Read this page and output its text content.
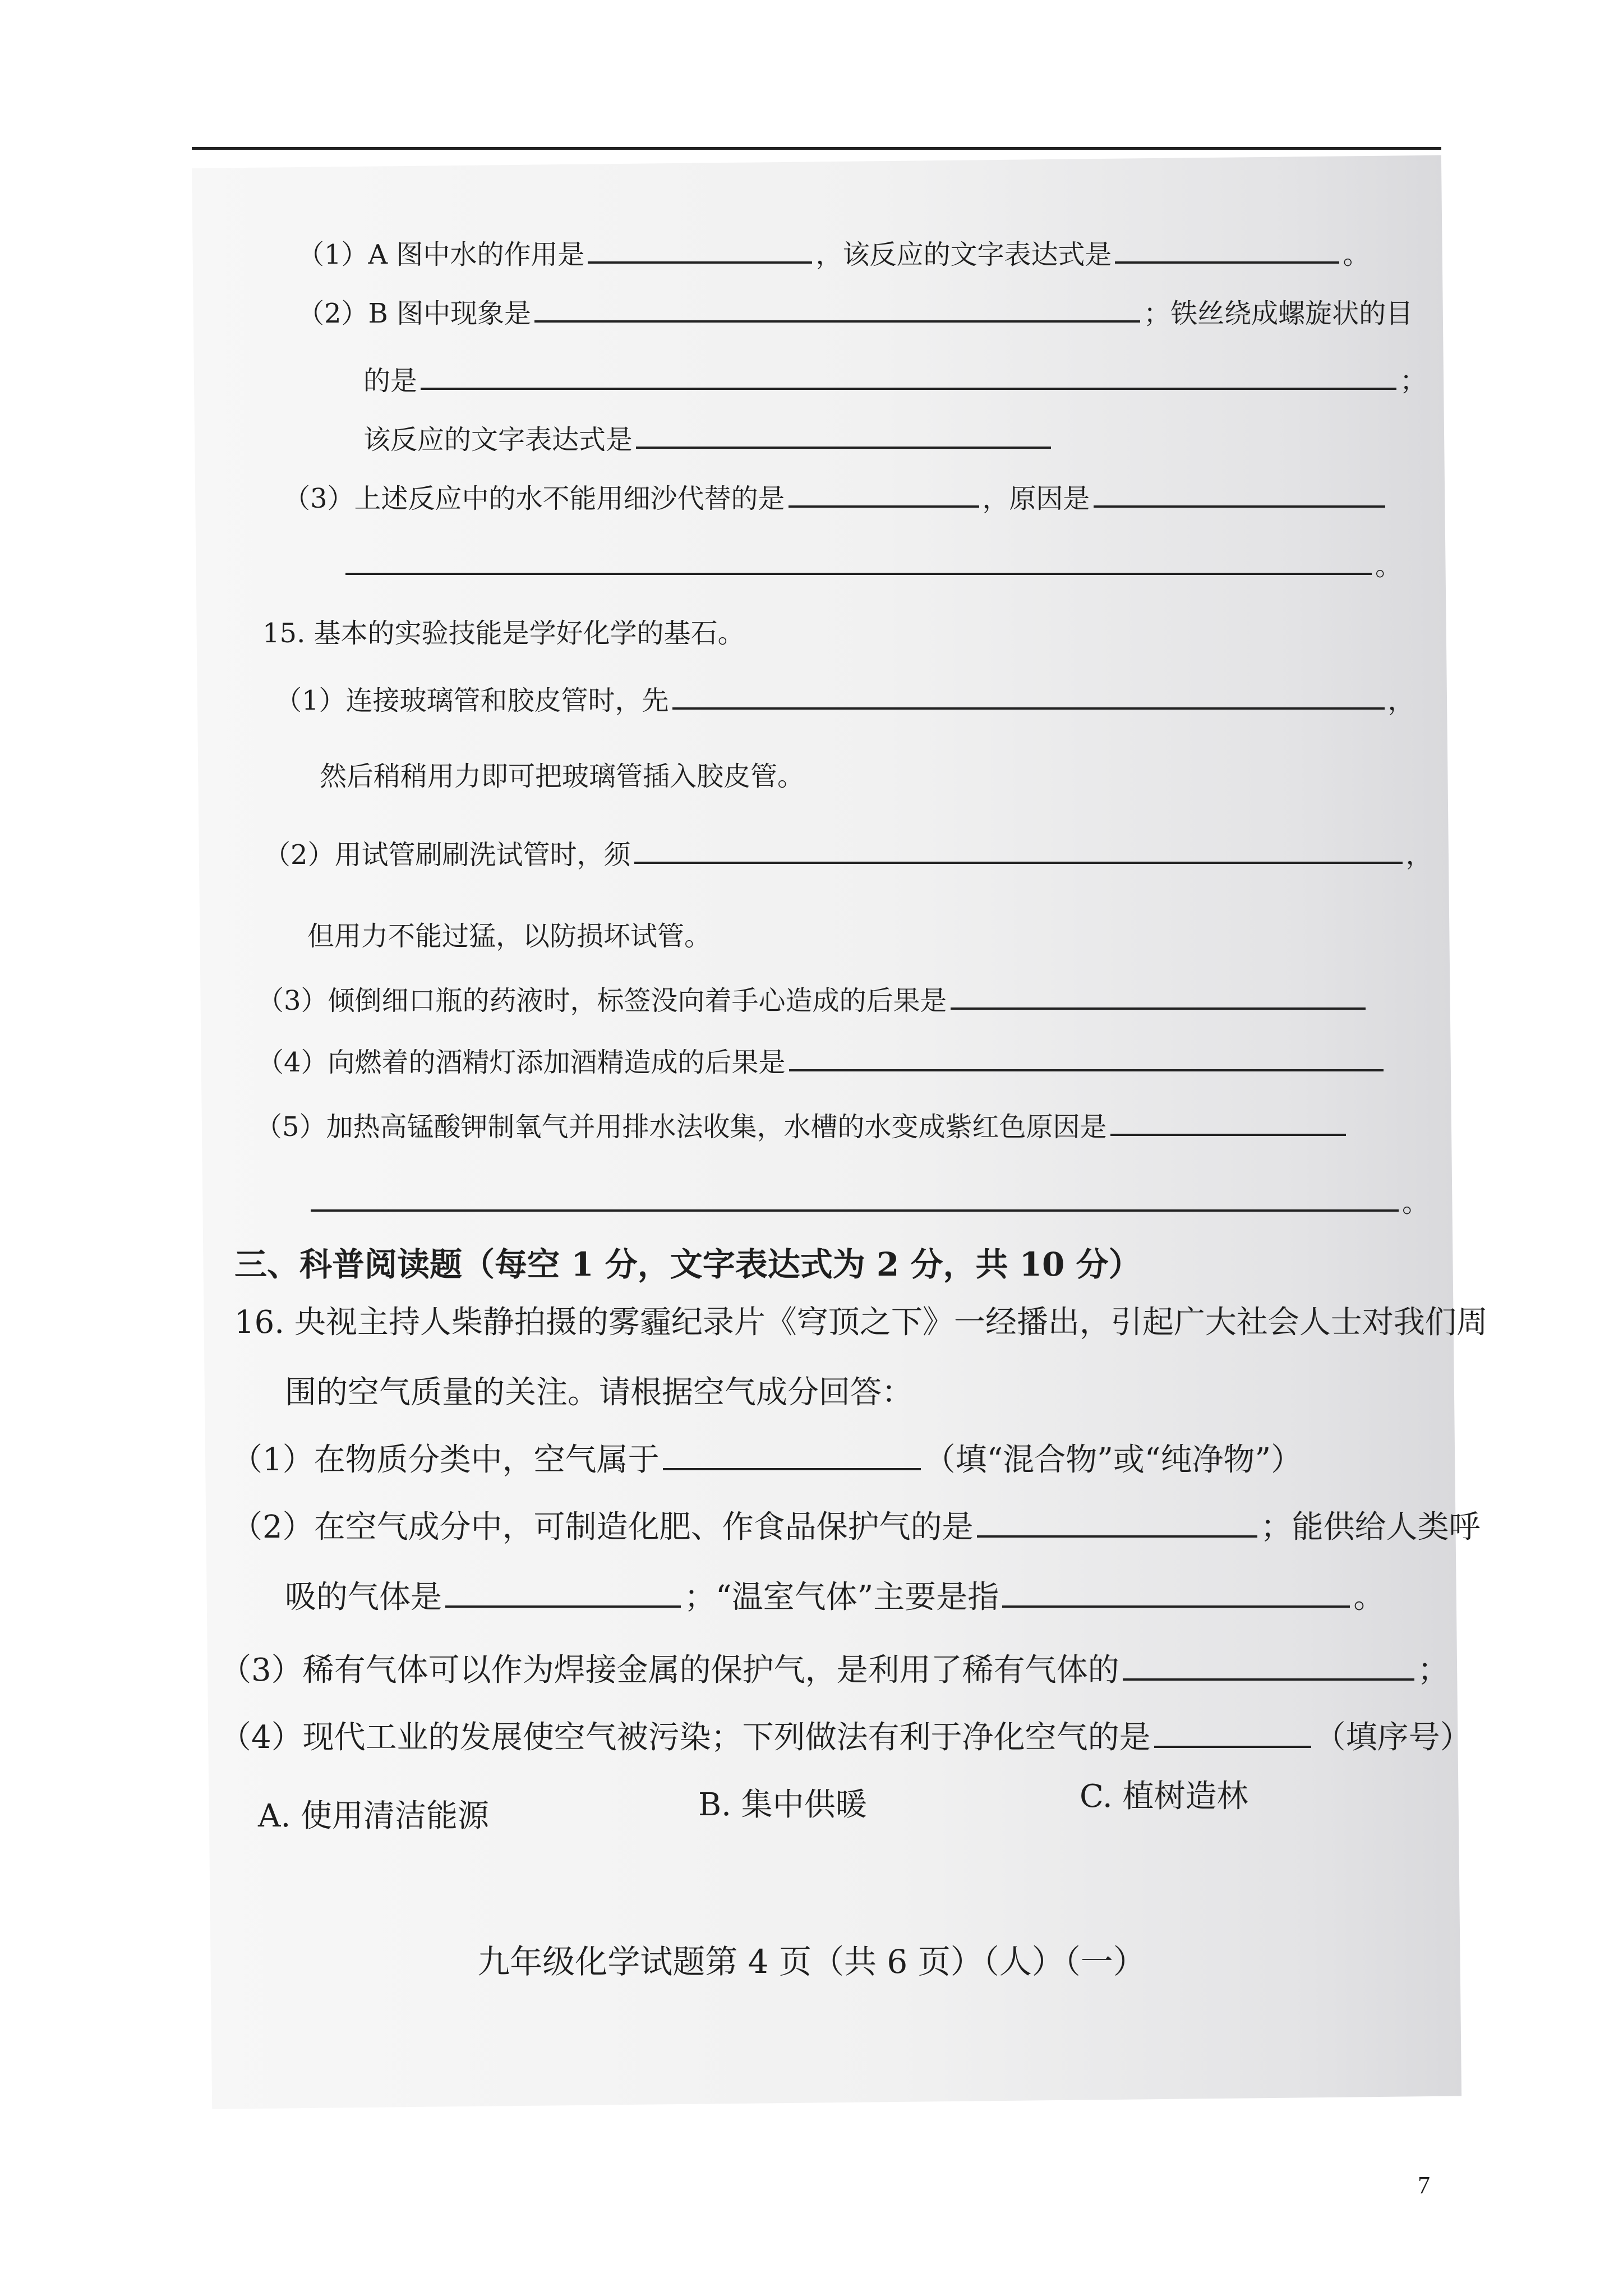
（1）A 图中水的作用是	，该反应的文字表达式是	。
（2）B 图中现象是	；铁丝绕成螺旋状的目
的是	；
该反应的文字表达式是
（3）上述反应中的水不能用细沙代替的是	，原因是
。
15. 基本的实验技能是学好化学的基石。
（1）连接玻璃管和胶皮管时，先	，
然后稍稍用力即可把玻璃管插入胶皮管。
（2）用试管刷刷洗试管时，须	，
但用力不能过猛，以防损坏试管。
（3）倾倒细口瓶的药液时，标签没向着手心造成的后果是
（4）向燃着的酒精灯添加酒精造成的后果是
（5）加热高锰酸钾制氧气并用排水法收集，水槽的水变成紫红色原因是
。
三、科普阅读题（每空 1 分，文字表达式为 2 分，共 10 分）
16. 央视主持人柴静拍摄的雾霾纪录片《穹顶之下》一经播出，引起广大社会人士对我们周
围的空气质量的关注。请根据空气成分回答：
（1）在物质分类中，空气属于	（填“混合物”或“纯净物”）
（2）在空气成分中，可制造化肥、作食品保护气的是	；能供给人类呼
吸的气体是	；“温室气体”主要是指	。
（3）稀有气体可以作为焊接金属的保护气，是利用了稀有气体的	；
（4）现代工业的发展使空气被污染；下列做法有利于净化空气的是	（填序号）
A. 使用清洁能源	B. 集中供暖	C. 植树造林
九年级化学试题第 4 页（共 6 页）（人）（一）
7
